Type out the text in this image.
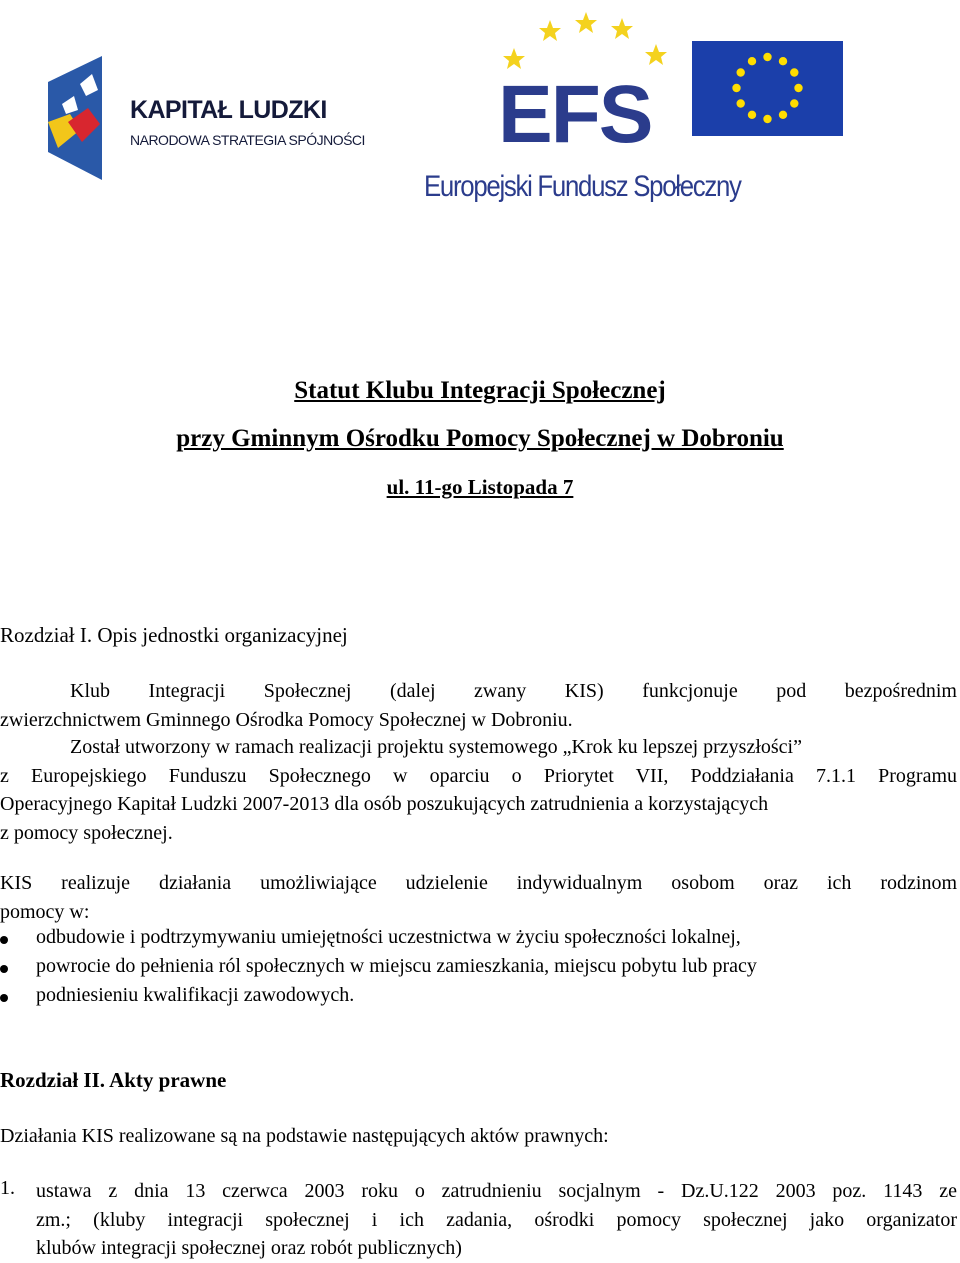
KAPITAŁ LUDZKI
NARODOWA STRATEGIA SPÓJNOŚCI EFS
Europejski Fundusz Społeczny
Statut Klubu Integracji Społecznej
przy Gminnym Ośrodku Pomocy Społecznej w Dobroniu
ul. 11-go Listopada 7
Rozdział I. Opis jednostki organizacyjnej
Klub Integracji Społecznej (dalej zwany KIS) funkcjonuje pod bezpośrednim
zwierzchnictwem Gminnego Ośrodka Pomocy Społecznej w Dobroniu.
Został utworzony w ramach realizacji projektu systemowego „Krok ku lepszej przyszłości”
z Europejskiego Funduszu Społecznego w oparciu o Priorytet VII, Poddziałania 7.1.1 Programu
Operacyjnego Kapitał Ludzki 2007-2013 dla osób poszukujących zatrudnienia a korzystających
z pomocy społecznej.
KIS realizuje działania umożliwiające udzielenie indywidualnym osobom oraz ich rodzinom
pomocy w:
odbudowie i podtrzymywaniu umiejętności uczestnictwa w życiu społeczności lokalnej,
powrocie do pełnienia ról społecznych w miejscu zamieszkania, miejscu pobytu lub pracy
podniesieniu kwalifikacji zawodowych.
Rozdział II. Akty prawne
Działania KIS realizowane są na podstawie następujących aktów prawnych:
1. ustawa z dnia 13 czerwca 2003 roku o zatrudnieniu socjalnym - Dz.U.122 2003 poz. 1143 ze
zm.; (kluby integracji społecznej i ich zadania, ośrodki pomocy społecznej jako organizator
klubów integracji społecznej oraz robót publicznych)
